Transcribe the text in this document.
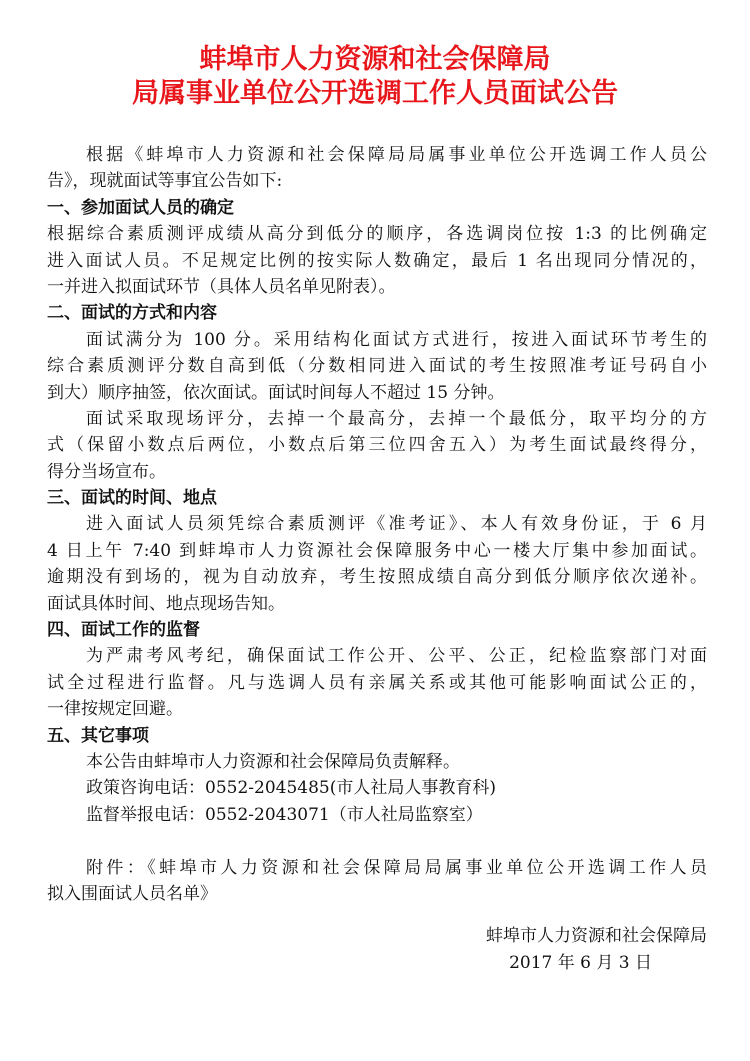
蚌埠市人力资源和社会保障局
局属事业单位公开选调工作人员面试公告
根据《蚌埠市人力资源和社会保障局局属事业单位公开选调工作人员公
告》，现就面试等事宜公告如下:
一、参加面试人员的确定
根据综合素质测评成绩从高分到低分的顺序，各选调岗位按 1:3 的比例确定
进入面试人员。不足规定比例的按实际人数确定，最后 1 名出现同分情况的，
一并进入拟面试环节（具体人员名单见附表）。
二、面试的方式和内容
面试满分为 100 分。采用结构化面试方式进行，按进入面试环节考生的
综合素质测评分数自高到低（分数相同进入面试的考生按照准考证号码自小
到大）顺序抽签，依次面试。面试时间每人不超过 15 分钟。
面试采取现场评分，去掉一个最高分，去掉一个最低分，取平均分的方
式（保留小数点后两位，小数点后第三位四舍五入）为考生面试最终得分，
得分当场宣布。
三、面试的时间、地点
进入面试人员须凭综合素质测评《准考证》、本人有效身份证，于 6 月
4 日上午 7:40 到蚌埠市人力资源社会保障服务中心一楼大厅集中参加面试。
逾期没有到场的，视为自动放弃，考生按照成绩自高分到低分顺序依次递补。
面试具体时间、地点现场告知。
四、面试工作的监督
为严肃考风考纪，确保面试工作公开、公平、公正，纪检监察部门对面
试全过程进行监督。凡与选调人员有亲属关系或其他可能影响面试公正的，
一律按规定回避。
五、其它事项
本公告由蚌埠市人力资源和社会保障局负责解释。
政策咨询电话：0552-2045485(市人社局人事教育科)
监督举报电话：0552-2043071（市人社局监察室）
附件：《蚌埠市人力资源和社会保障局局属事业单位公开选调工作人员
拟入围面试人员名单》
蚌埠市人力资源和社会保障局
2017 年 6 月 3 日
